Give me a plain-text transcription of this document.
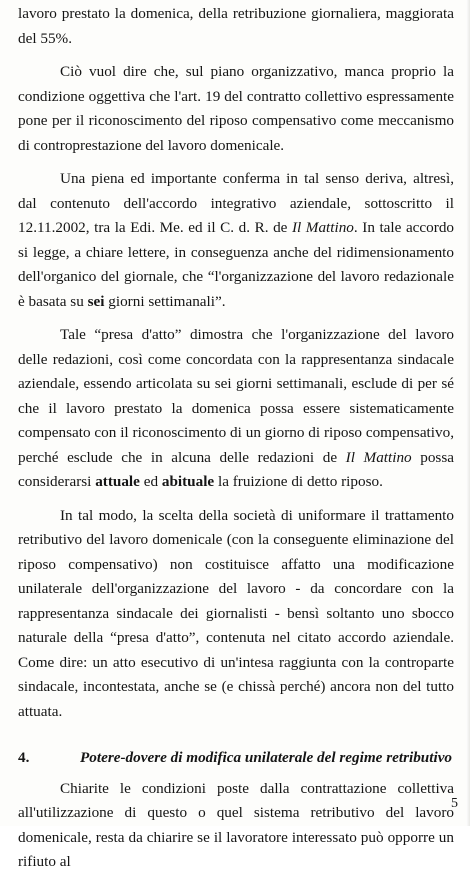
lavoro prestato la domenica, della retribuzione giornaliera, maggiorata del 55%.

Ciò vuol dire che, sul piano organizzativo, manca proprio la condizione oggettiva che l'art. 19 del contratto collettivo espressamente pone per il riconoscimento del riposo compensativo come meccanismo di controprestazione del lavoro domenicale.

Una piena ed importante conferma in tal senso deriva, altresì, dal contenuto dell'accordo integrativo aziendale, sottoscritto il 12.11.2002, tra la Edi. Me. ed il C. d. R. de Il Mattino. In tale accordo si legge, a chiare lettere, in conseguenza anche del ridimensionamento dell'organico del giornale, che “l'organizzazione del lavoro redazionale è basata su sei giorni settimanali”.

Tale “presa d'atto” dimostra che l'organizzazione del lavoro delle redazioni, così come concordata con la rappresentanza sindacale aziendale, essendo articolata su sei giorni settimanali, esclude di per sé che il lavoro prestato la domenica possa essere sistematicamente compensato con il riconoscimento di un giorno di riposo compensativo, perché esclude che in alcuna delle redazioni de Il Mattino possa considerarsi attuale ed abituale la fruizione di detto riposo.

In tal modo, la scelta della società di uniformare il trattamento retributivo del lavoro domenicale (con la conseguente eliminazione del riposo compensativo) non costituisce affatto una modificazione unilaterale dell'organizzazione del lavoro - da concordare con la rappresentanza sindacale dei giornalisti - bensì soltanto uno sbocco naturale della “presa d'atto”, contenuta nel citato accordo aziendale. Come dire: un atto esecutivo di un'intesa raggiunta con la controparte sindacale, incontestata, anche se (e chissà perché) ancora non del tutto attuata.

4.	Potere-dovere di modifica unilaterale del regime retributivo

Chiarite le condizioni poste dalla contrattazione collettiva all'utilizzazione di questo o quel sistema retributivo del lavoro domenicale, resta da chiarire se il lavoratore interessato può opporre un rifiuto al

5
